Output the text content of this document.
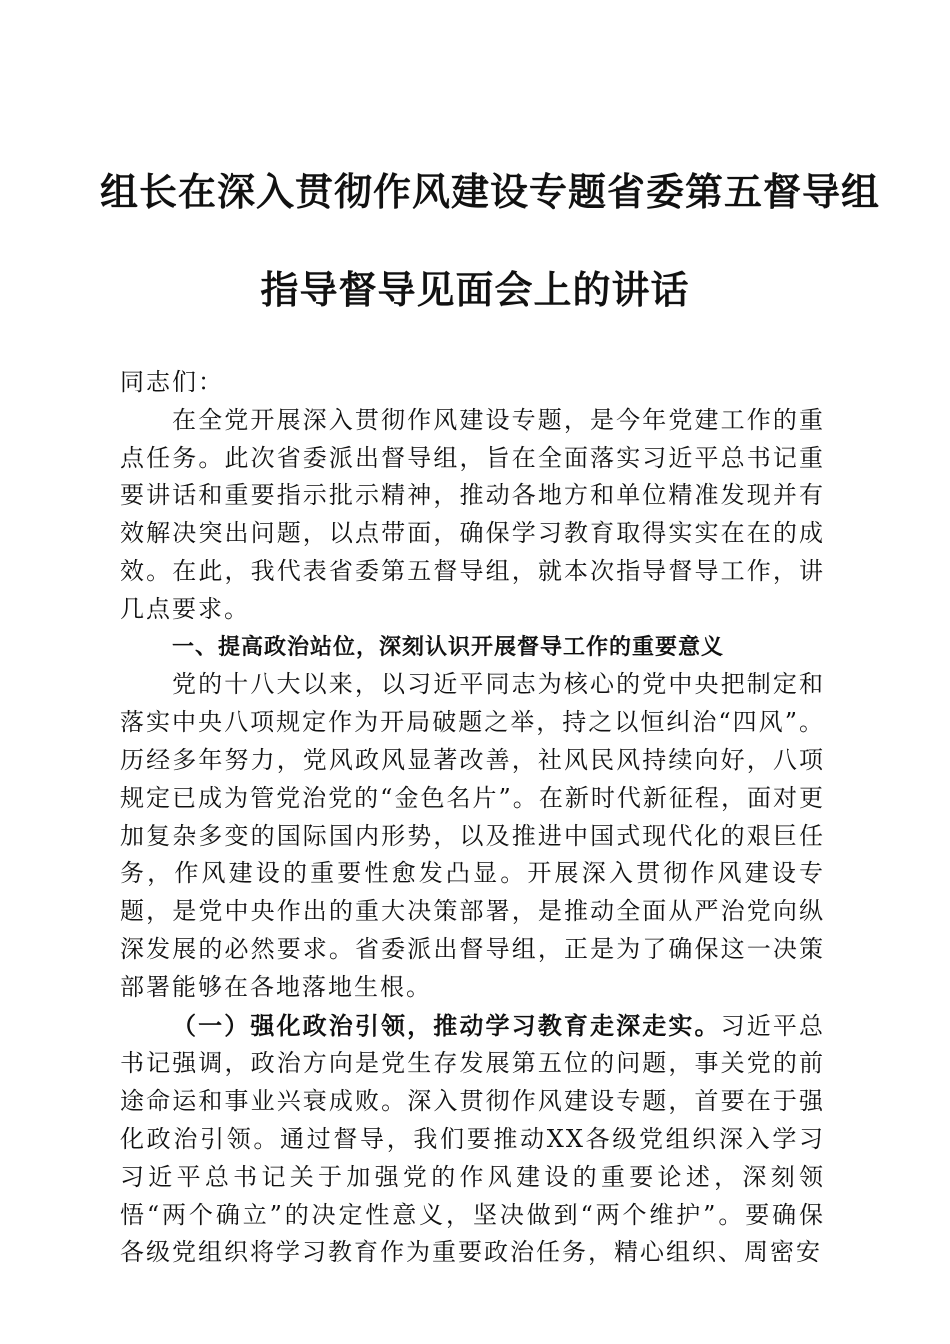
组长在深入贯彻作风建设专题省委第五督导组
指导督导见面会上的讲话

同志们：

在全党开展深入贯彻作风建设专题，是今年党建工作的重点任务。此次省委派出督导组，旨在全面落实习近平总书记重要讲话和重要指示批示精神，推动各地方和单位精准发现并有效解决突出问题，以点带面，确保学习教育取得实实在在的成效。在此，我代表省委第五督导组，就本次指导督导工作，讲几点要求。

一、提高政治站位，深刻认识开展督导工作的重要意义

党的十八大以来，以习近平同志为核心的党中央把制定和落实中央八项规定作为开局破题之举，持之以恒纠治“四风”。历经多年努力，党风政风显著改善，社风民风持续向好，八项规定已成为管党治党的“金色名片”。在新时代新征程，面对更加复杂多变的国际国内形势，以及推进中国式现代化的艰巨任务，作风建设的重要性愈发凸显。开展深入贯彻作风建设专题，是党中央作出的重大决策部署，是推动全面从严治党向纵深发展的必然要求。省委派出督导组，正是为了确保这一决策部署能够在各地落地生根。

（一）强化政治引领，推动学习教育走深走实。习近平总书记强调，政治方向是党生存发展第五位的问题，事关党的前途命运和事业兴衰成败。深入贯彻作风建设专题，首要在于强化政治引领。通过督导，我们要推动XX各级党组织深入学习习近平总书记关于加强党的作风建设的重要论述，深刻领悟“两个确立”的决定性意义，坚决做到“两个维护”。要确保各级党组织将学习教育作为重要政治任务，精心组织、周密安
